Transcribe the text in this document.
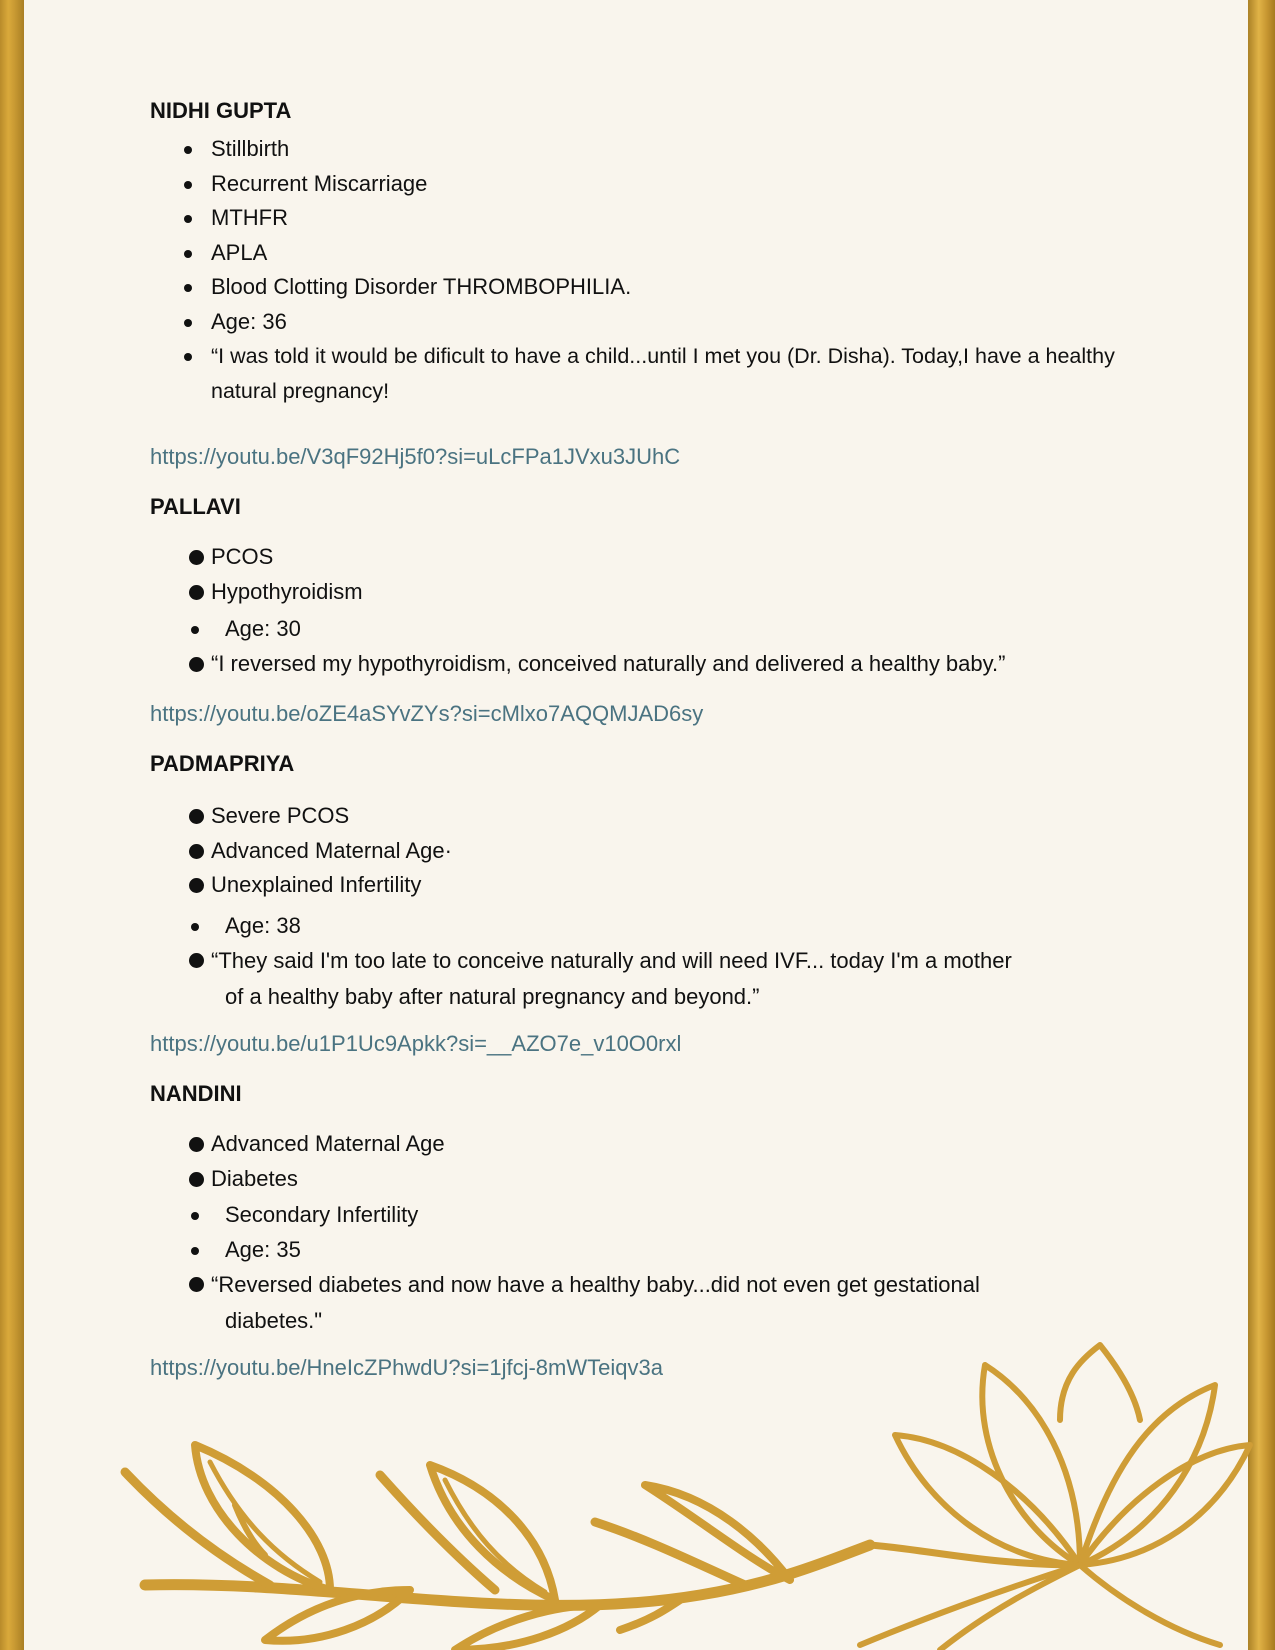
NIDHI GUPTA

Stillbirth
Recurrent Miscarriage
MTHFR
APLA
Blood Clotting Disorder THROMBOPHILIA.
Age: 36
“I was told it would be dificult to have a child...until I met you (Dr. Disha). Today,I have a healthy
natural pregnancy!
https://youtu.be/V3qF92Hj5f0?si=uLcFPa1JVxu3JUhC

PALLAVI

PCOS
Hypothyroidism
Age: 30
“I reversed my hypothyroidism, conceived naturally and delivered a healthy baby.”
https://youtu.be/oZE4aSYvZYs?si=cMlxo7AQQMJAD6sy

PADMAPRIYA

Severe PCOS
Advanced Maternal Age·
Unexplained Infertility
Age: 38
“They said I'm too late to conceive naturally and will need IVF... today I'm a mother
of a healthy baby after natural pregnancy and beyond.”
https://youtu.be/u1P1Uc9Apkk?si=__AZO7e_v10O0rxl

NANDINI

Advanced Maternal Age
Diabetes
Secondary Infertility
Age: 35
“Reversed diabetes and now have a healthy baby...did not even get gestational
diabetes."
https://youtu.be/HneIcZPhwdU?si=1jfcj-8mWTeiqv3a
